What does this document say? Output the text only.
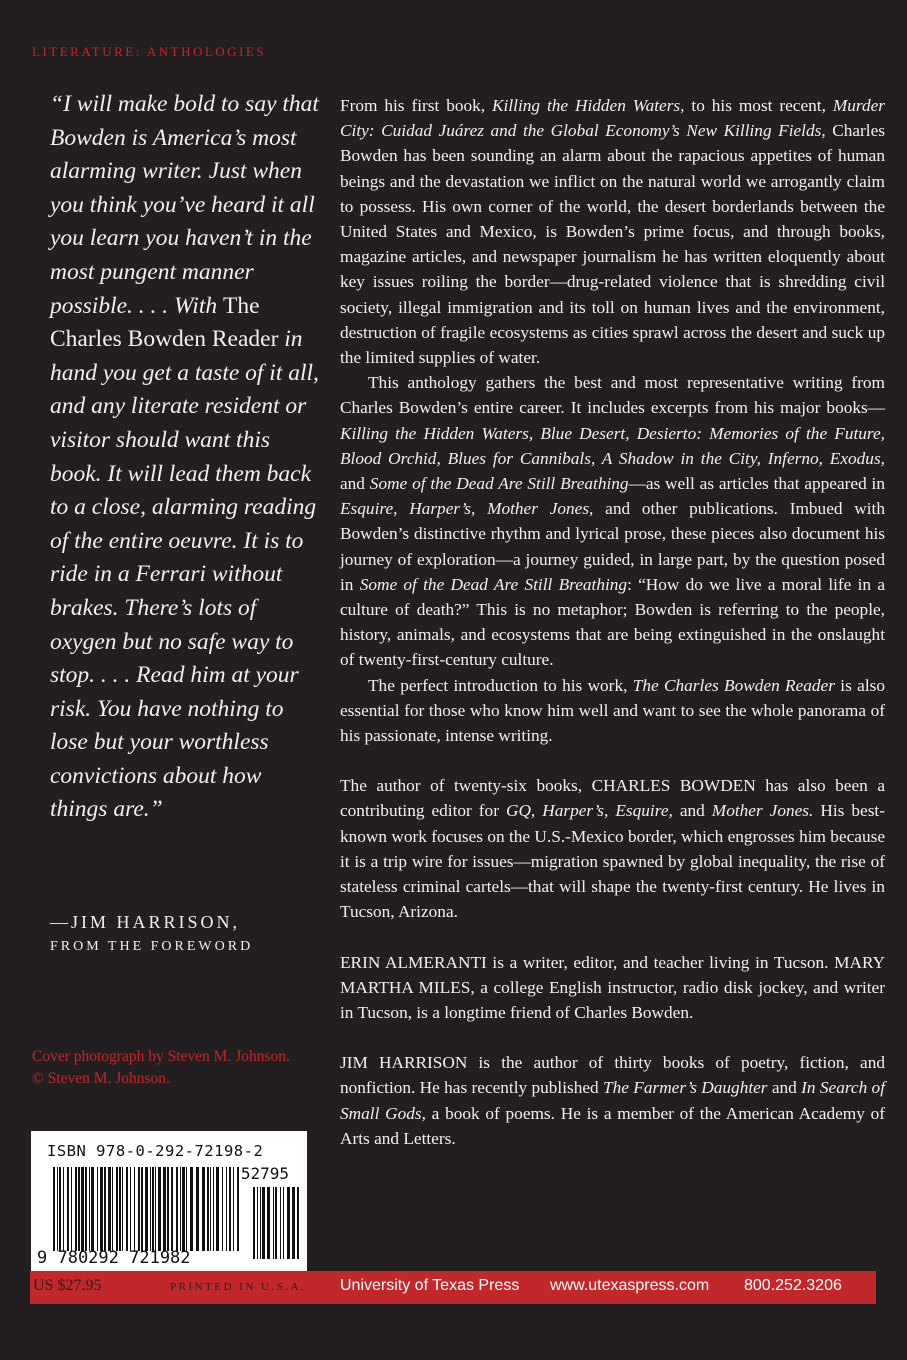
LITERATURE: ANTHOLOGIES

“I will make bold to say that Bowden is America’s most alarming writer. Just when you think you’ve heard it all you learn you haven’t in the most pungent manner possible. . . . With The Charles Bowden Reader in hand you get a taste of it all, and any literate resident or visitor should want this book. It will lead them back to a close, alarming reading of the entire oeuvre. It is to ride in a Ferrari without brakes. There’s lots of oxygen but no safe way to stop. . . . Read him at your risk. You have nothing to lose but your worthless convictions about how things are.”

—JIM HARRISON,
FROM THE FOREWORD
Cover photograph by Steven M. Johnson. © Steven M. Johnson.

From his first book, Killing the Hidden Waters, to his most recent, Murder City: Cuidad Juárez and the Global Economy’s New Killing Fields, Charles Bowden has been sounding an alarm about the rapacious appetites of human beings and the devastation we inflict on the natural world we arrogantly claim to possess. His own corner of the world, the desert borderlands between the United States and Mexico, is Bowden’s prime focus, and through books, magazine articles, and newspaper journalism he has written eloquently about key issues roiling the border—drug-related violence that is shredding civil society, illegal immigration and its toll on human lives and the environment, destruction of fragile ecosystems as cities sprawl across the desert and suck up the limited supplies of water.

This anthology gathers the best and most representative writing from Charles Bowden’s entire career. It includes excerpts from his major books—Killing the Hidden Waters, Blue Desert, Desierto: Memories of the Future, Blood Orchid, Blues for Cannibals, A Shadow in the City, Inferno, Exodus, and Some of the Dead Are Still Breathing—as well as articles that appeared in Esquire, Harper’s, Mother Jones, and other publications. Imbued with Bowden’s distinctive rhythm and lyrical prose, these pieces also document his journey of exploration—a journey guided, in large part, by the question posed in Some of the Dead Are Still Breathing: “How do we live a moral life in a culture of death?” This is no metaphor; Bowden is referring to the people, history, animals, and ecosystems that are being extinguished in the onslaught of twenty-first-century culture.

The perfect introduction to his work, The Charles Bowden Reader is also essential for those who know him well and want to see the whole panorama of his passionate, intense writing.

The author of twenty-six books, CHARLES BOWDEN has also been a contributing editor for GQ, Harper’s, Esquire, and Mother Jones. His best-known work focuses on the U.S.-Mexico border, which engrosses him because it is a trip wire for issues—migration spawned by global inequality, the rise of stateless criminal cartels—that will shape the twenty-first century. He lives in Tucson, Arizona.

ERIN ALMERANTI is a writer, editor, and teacher living in Tucson. MARY MARTHA MILES, a college English instructor, radio disk jockey, and writer in Tucson, is a longtime friend of Charles Bowden.

JIM HARRISON is the author of thirty books of poetry, fiction, and nonfiction. He has recently published The Farmer’s Daughter and In Search of Small Gods, a book of poems. He is a member of the American Academy of Arts and Letters.

ISBN 978-0-292-72198-2
52795
9 780292 721982
US $27.95	PRINTED IN U.S.A. University of Texas Press www.utexaspress.com 800.252.3206
